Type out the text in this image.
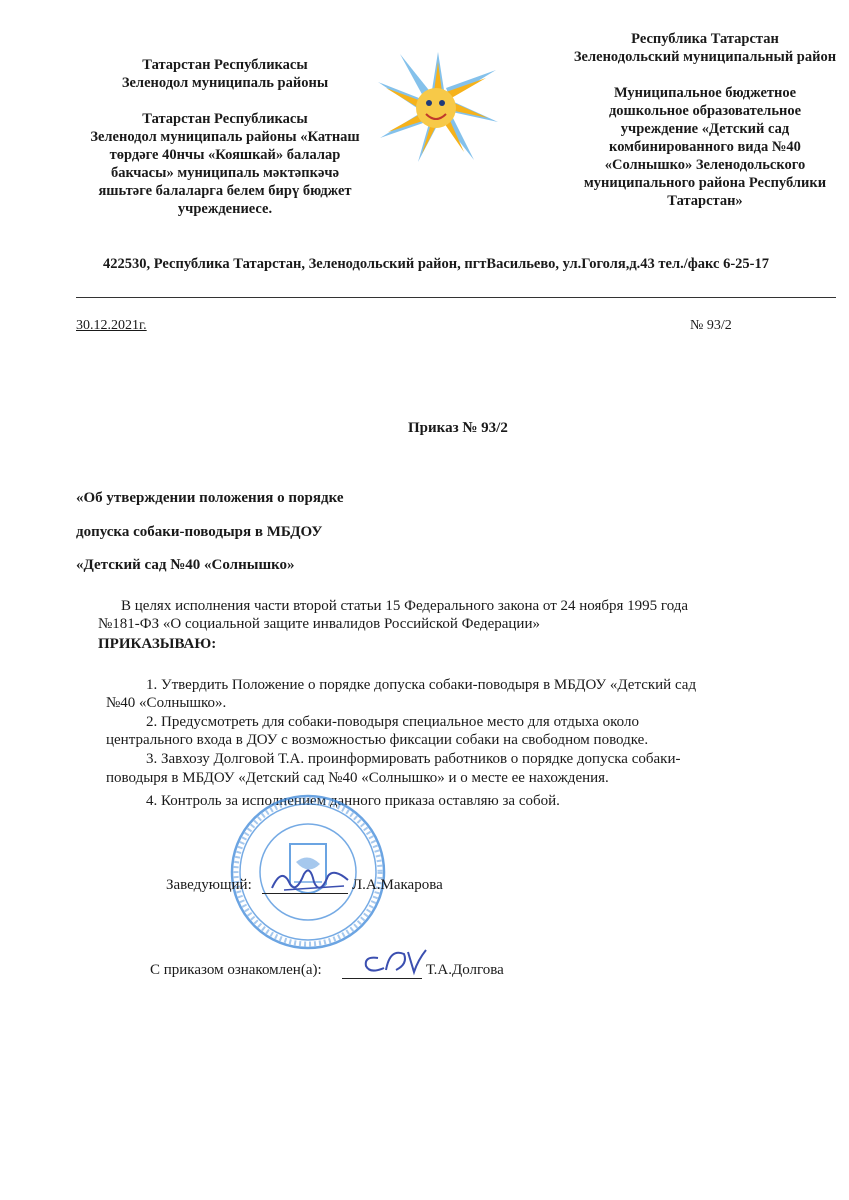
Татарстан Республикасы

Зеленодол муниципаль районы

Татарстан Республикасы

Зеленодол муниципаль районы «Катнаш

төрдәге 40нчы «Кояшкай» балалар

бакчасы» муниципаль мәктәпкәчә

яшьтәге балаларга белем бирү бюджет

учреждениесе.

Республика Татарстан

Зеленодольский муниципальный район

Муниципальное бюджетное

дошкольное образовательное

учреждение «Детский сад

комбинированного вида №40

«Солнышко» Зеленодольского

муниципального района Республики

Татарстан»

422530, Республика Татарстан, Зеленодольский район, пгтВасильево, ул.Гоголя,д.43 тел./факс 6-25-17
30.12.2021г.	№ 93/2
Приказ № 93/2
«Об утверждении положения о порядке
допуска собаки-поводыря в МБДОУ
«Детский сад №40 «Солнышко»
В целях исполнения части второй статьи 15 Федерального закона от 24 ноября 1995 года
№181-ФЗ «О социальной защите инвалидов Российской Федерации»
ПРИКАЗЫВАЮ:
1. Утвердить Положение о порядке допуска собаки-поводыря в МБДОУ «Детский сад
№40 «Солнышко».
2. Предусмотреть для собаки-поводыря специальное место для отдыха около
центрального входа в ДОУ с возможностью фиксации собаки на свободном поводке.
3. Завхозу Долговой Т.А. проинформировать работников о порядке допуска собаки-
поводыря в МБДОУ «Детский сад №40 «Солнышко» и о месте ее нахождения.
4. Контроль за исполнением данного приказа оставляю за собой.
Заведующий:	Л.А.Макарова
С приказом ознакомлен(а):	Т.А.Долгова
